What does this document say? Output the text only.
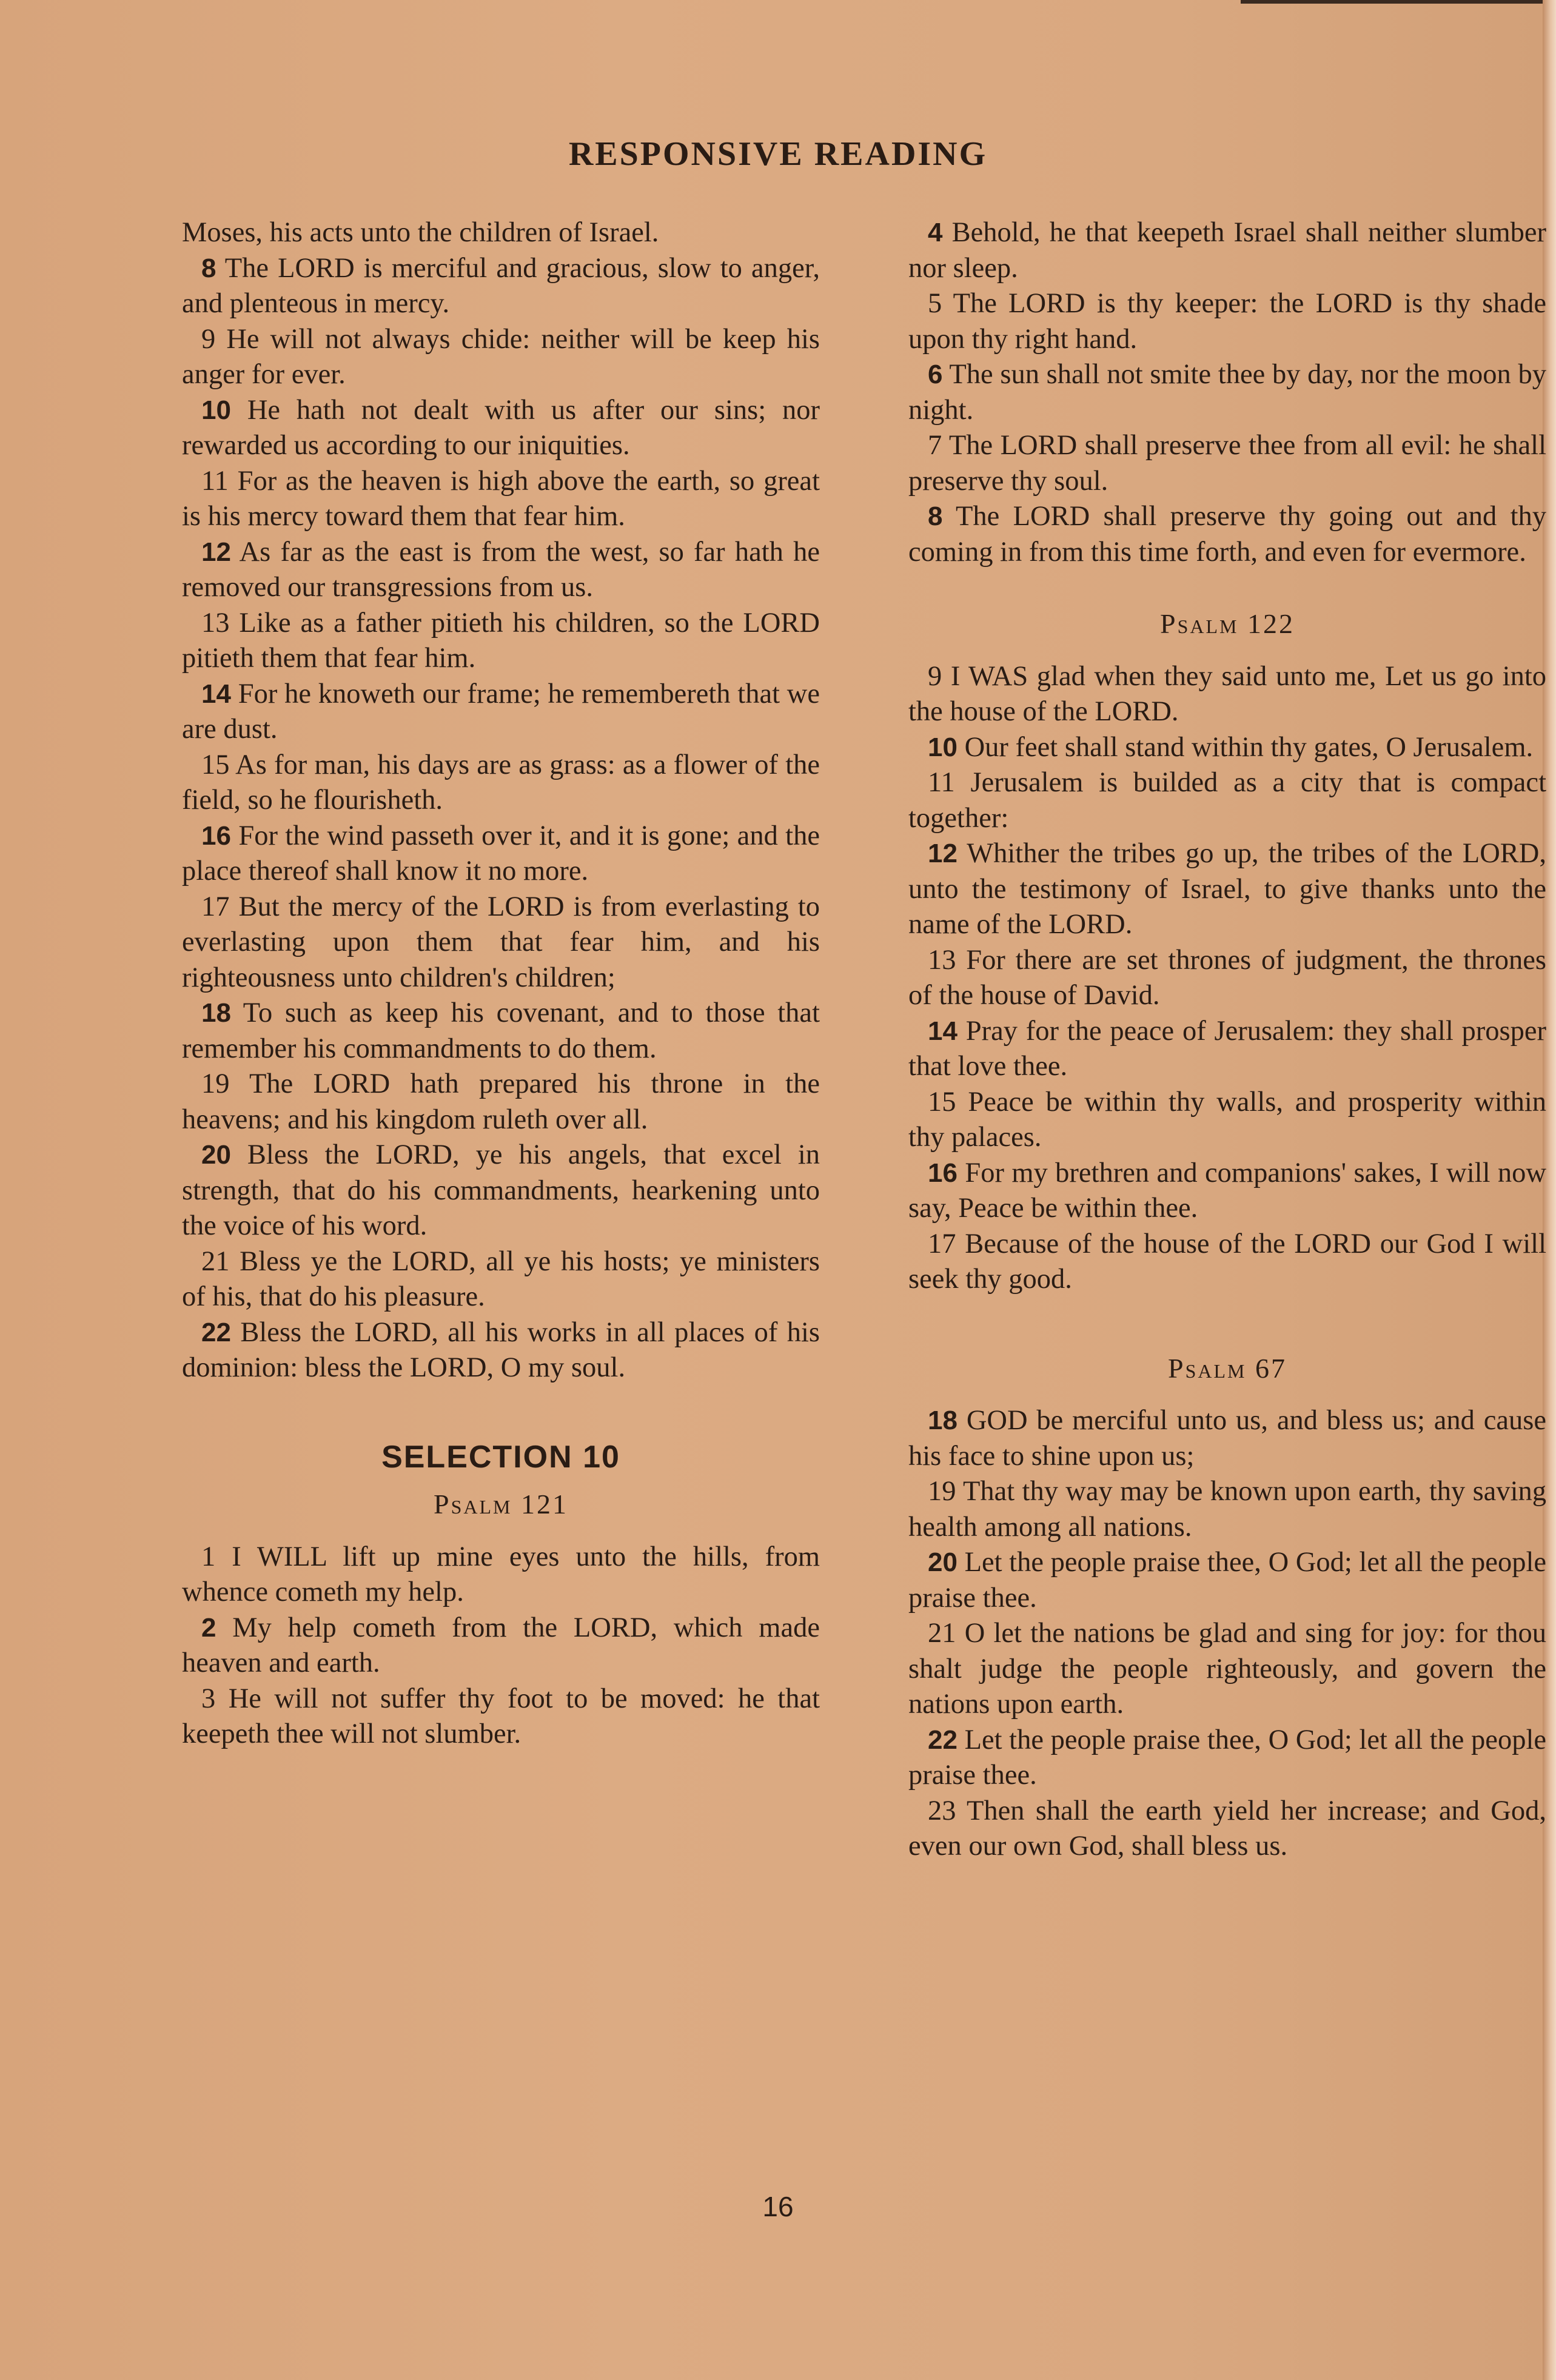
RESPONSIVE READING

Moses, his acts unto the children of Israel.

8 The LORD is merciful and gracious, slow to anger, and plenteous in mercy.

9 He will not always chide: neither will be keep his anger for ever.

10 He hath not dealt with us after our sins; nor rewarded us according to our iniquities.

11 For as the heaven is high above the earth, so great is his mercy toward them that fear him.

12 As far as the east is from the west, so far hath he removed our transgressions from us.

13 Like as a father pitieth his children, so the LORD pitieth them that fear him.

14 For he knoweth our frame; he remembereth that we are dust.

15 As for man, his days are as grass: as a flower of the field, so he flourisheth.

16 For the wind passeth over it, and it is gone; and the place thereof shall know it no more.

17 But the mercy of the LORD is from everlasting to everlasting upon them that fear him, and his righteousness unto children's children;

18 To such as keep his covenant, and to those that remember his commandments to do them.

19 The LORD hath prepared his throne in the heavens; and his kingdom ruleth over all.

20 Bless the LORD, ye his angels, that excel in strength, that do his commandments, hearkening unto the voice of his word.

21 Bless ye the LORD, all ye his hosts; ye ministers of his, that do his pleasure.

22 Bless the LORD, all his works in all places of his dominion: bless the LORD, O my soul.

SELECTION 10
Psalm 121

1 I WILL lift up mine eyes unto the hills, from whence cometh my help.

2 My help cometh from the LORD, which made heaven and earth.

3 He will not suffer thy foot to be moved: he that keepeth thee will not slumber.

4 Behold, he that keepeth Israel shall neither slumber nor sleep.

5 The LORD is thy keeper: the LORD is thy shade upon thy right hand.

6 The sun shall not smite thee by day, nor the moon by night.

7 The LORD shall preserve thee from all evil: he shall preserve thy soul.

8 The LORD shall preserve thy going out and thy coming in from this time forth, and even for evermore.

Psalm 122

9 I WAS glad when they said unto me, Let us go into the house of the LORD.

10 Our feet shall stand within thy gates, O Jerusalem.

11 Jerusalem is builded as a city that is compact together:

12 Whither the tribes go up, the tribes of the LORD, unto the testimony of Israel, to give thanks unto the name of the LORD.

13 For there are set thrones of judgment, the thrones of the house of David.

14 Pray for the peace of Jerusalem: they shall prosper that love thee.

15 Peace be within thy walls, and prosperity within thy palaces.

16 For my brethren and companions' sakes, I will now say, Peace be within thee.

17 Because of the house of the LORD our God I will seek thy good.

Psalm 67

18 GOD be merciful unto us, and bless us; and cause his face to shine upon us;

19 That thy way may be known upon earth, thy saving health among all nations.

20 Let the people praise thee, O God; let all the people praise thee.

21 O let the nations be glad and sing for joy: for thou shalt judge the people righteously, and govern the nations upon earth.

22 Let the people praise thee, O God; let all the people praise thee.

23 Then shall the earth yield her increase; and God, even our own God, shall bless us.

16
